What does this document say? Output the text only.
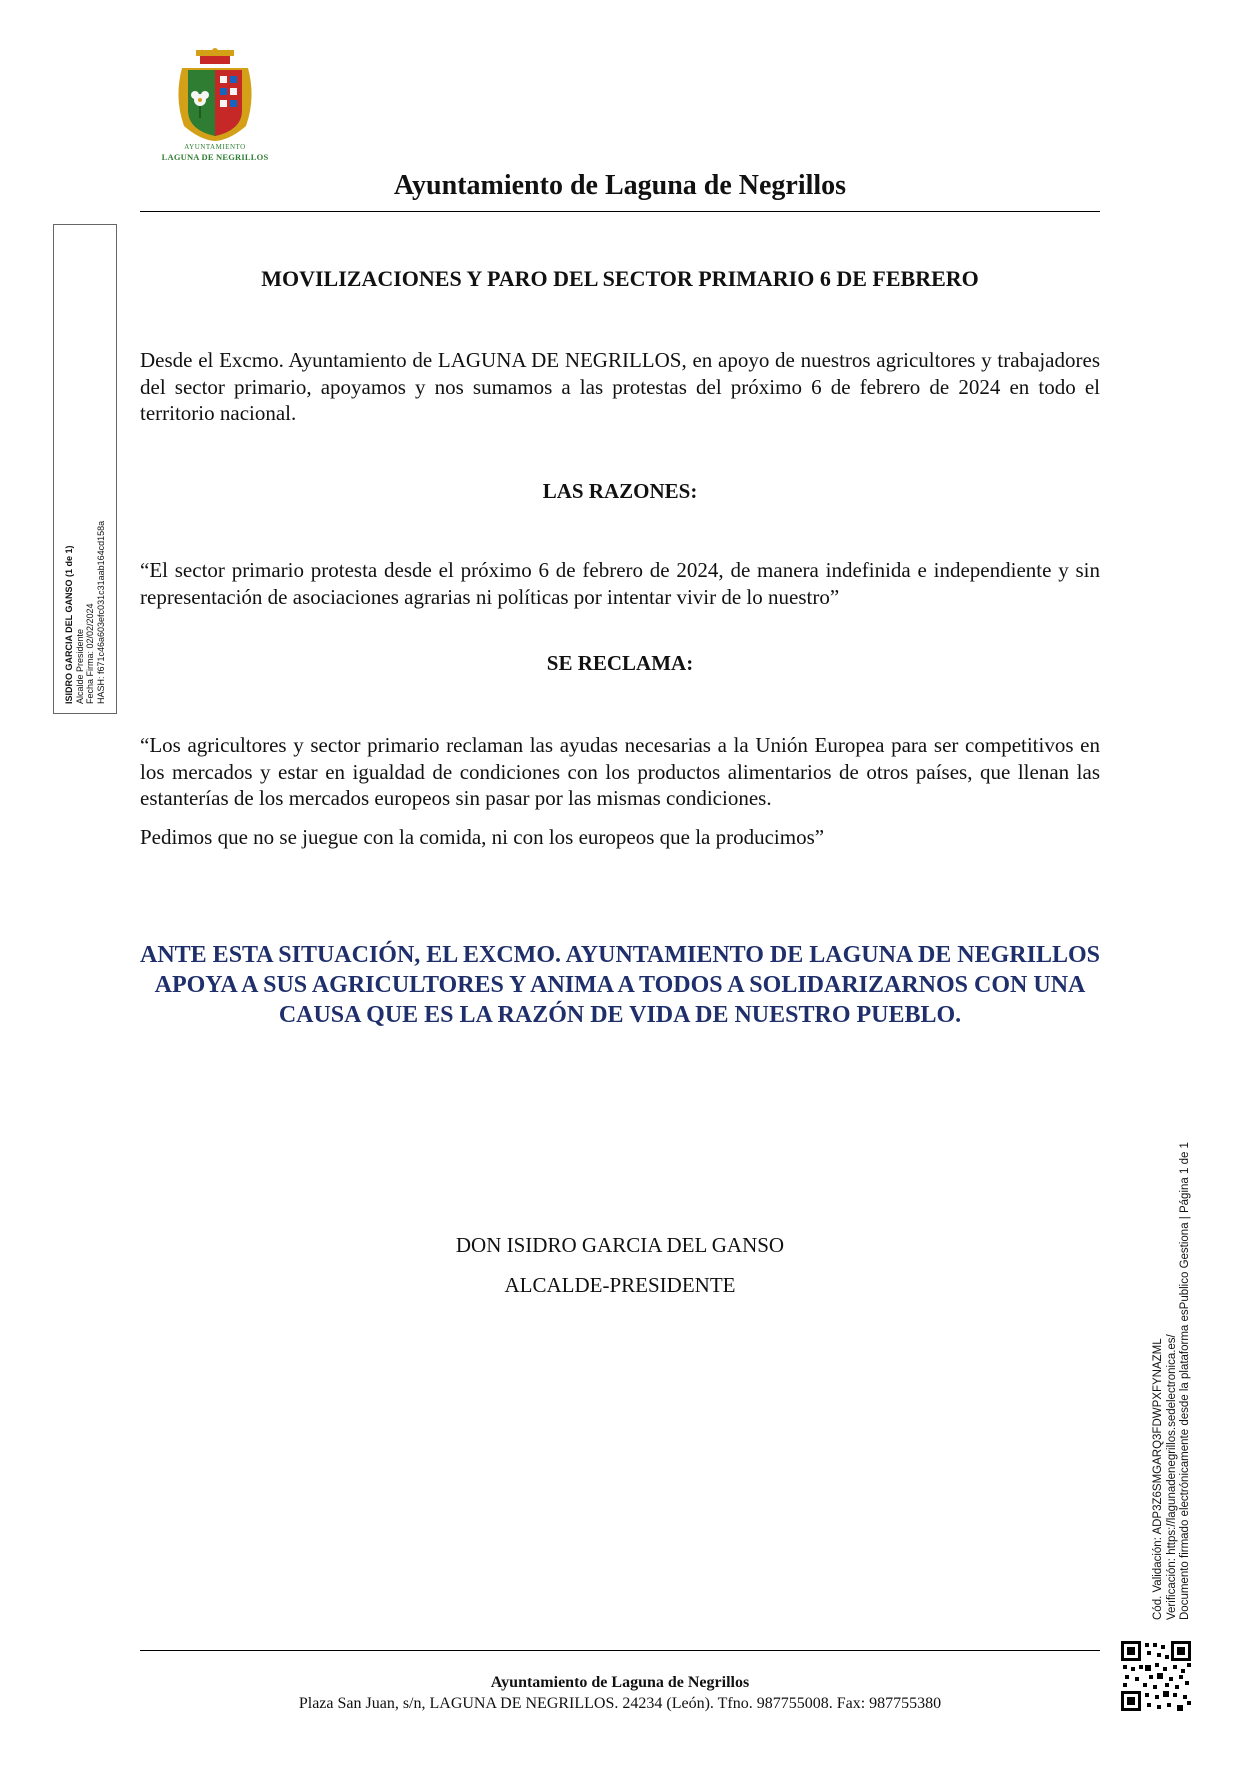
AYUNTAMIENTO
LAGUNA DE NEGRILLOS
Ayuntamiento de Laguna de Negrillos
ISIDRO GARCIA DEL GANSO (1 de 1) Alcalde Presidente Fecha Firma: 02/02/2024 HASH: f671c46a603efc031c31aab164cd158a
MOVILIZACIONES Y PARO DEL SECTOR PRIMARIO 6 DE FEBRERO
Desde el Excmo. Ayuntamiento de LAGUNA DE NEGRILLOS, en apoyo de nuestros agricultores y trabajadores del sector primario, apoyamos y nos sumamos a las protestas del próximo 6 de febrero de 2024 en todo el territorio nacional.
LAS RAZONES:
“El sector primario protesta desde el próximo 6 de febrero de 2024, de manera indefinida e independiente y sin representación de asociaciones agrarias ni políticas por intentar vivir de lo nuestro”
SE RECLAMA:
“Los agricultores y sector primario reclaman las ayudas necesarias a la Unión Europea para ser competitivos en los mercados y estar en igualdad de condiciones con los productos alimentarios de otros países, que llenan las estanterías de los mercados europeos sin pasar por las mismas condiciones.
Pedimos que no se juegue con la comida, ni con los europeos que la producimos”
ANTE ESTA SITUACIÓN, EL EXCMO. AYUNTAMIENTO DE LAGUNA DE NEGRILLOS APOYA A SUS AGRICULTORES Y ANIMA A TODOS A SOLIDARIZARNOS CON UNA CAUSA QUE ES LA RAZÓN DE VIDA DE NUESTRO PUEBLO.
DON ISIDRO GARCIA DEL GANSO
ALCALDE-PRESIDENTE
Cód. Validación: ADP3Z6SMGARQ3FDWPXFYNAZML Verificación: https://lagunadenegrillos.sedelectronica.es/ Documento firmado electrónicamente desde la plataforma esPublico Gestiona | Página 1 de 1
Ayuntamiento de Laguna de Negrillos
Plaza San Juan, s/n, LAGUNA DE NEGRILLOS. 24234 (León). Tfno. 987755008. Fax: 987755380
